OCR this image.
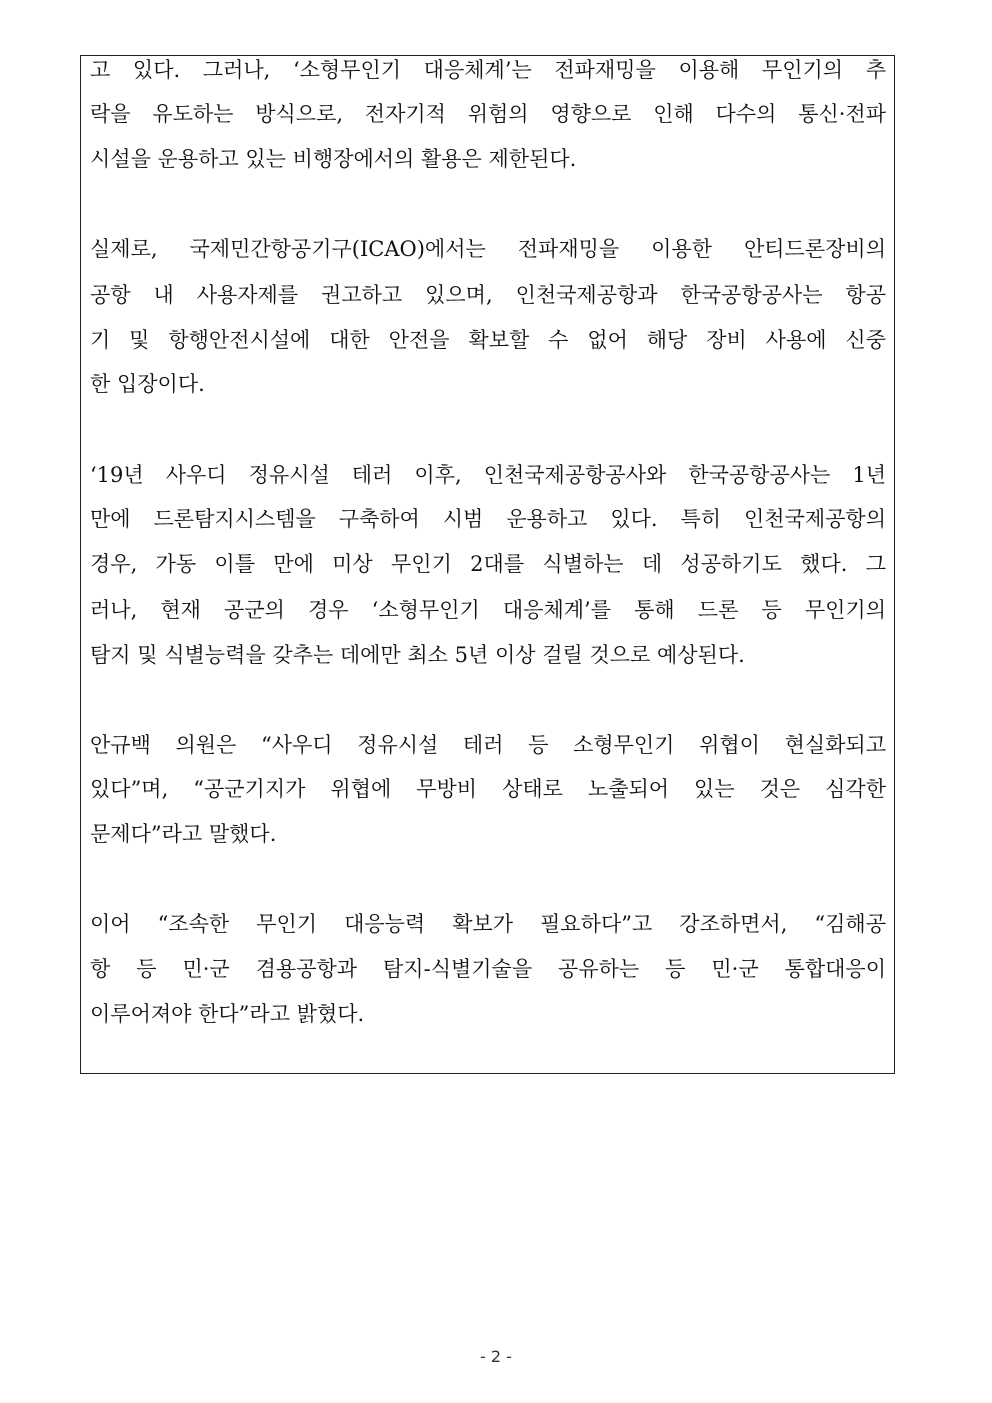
고 있다. 그러나, ‘소형무인기 대응체계’는 전파재밍을 이용해 무인기의 추
락을 유도하는 방식으로, 전자기적 위험의 영향으로 인해 다수의 통신·전파
시설을 운용하고 있는 비행장에서의 활용은 제한된다.
실제로, 국제민간항공기구(ICAO)에서는 전파재밍을 이용한 안티드론장비의
공항 내 사용자제를 권고하고 있으며, 인천국제공항과 한국공항공사는 항공
기 및 항행안전시설에 대한 안전을 확보할 수 없어 해당 장비 사용에 신중
한 입장이다.
‘19년 사우디 정유시설 테러 이후, 인천국제공항공사와 한국공항공사는 1년
만에 드론탐지시스템을 구축하여 시범 운용하고 있다. 특히 인천국제공항의
경우, 가동 이틀 만에 미상 무인기 2대를 식별하는 데 성공하기도 했다. 그
러나, 현재 공군의 경우 ‘소형무인기 대응체계’를 통해 드론 등 무인기의
탐지 및 식별능력을 갖추는 데에만 최소 5년 이상 걸릴 것으로 예상된다.
안규백 의원은 “사우디 정유시설 테러 등 소형무인기 위협이 현실화되고
있다”며, “공군기지가 위협에 무방비 상태로 노출되어 있는 것은 심각한
문제다”라고 말했다.
이어 “조속한 무인기 대응능력 확보가 필요하다”고 강조하면서, “김해공
항 등 민·군 겸용공항과 탐지-식별기술을 공유하는 등 민·군 통합대응이
이루어져야 한다”라고 밝혔다.
- 2 -
